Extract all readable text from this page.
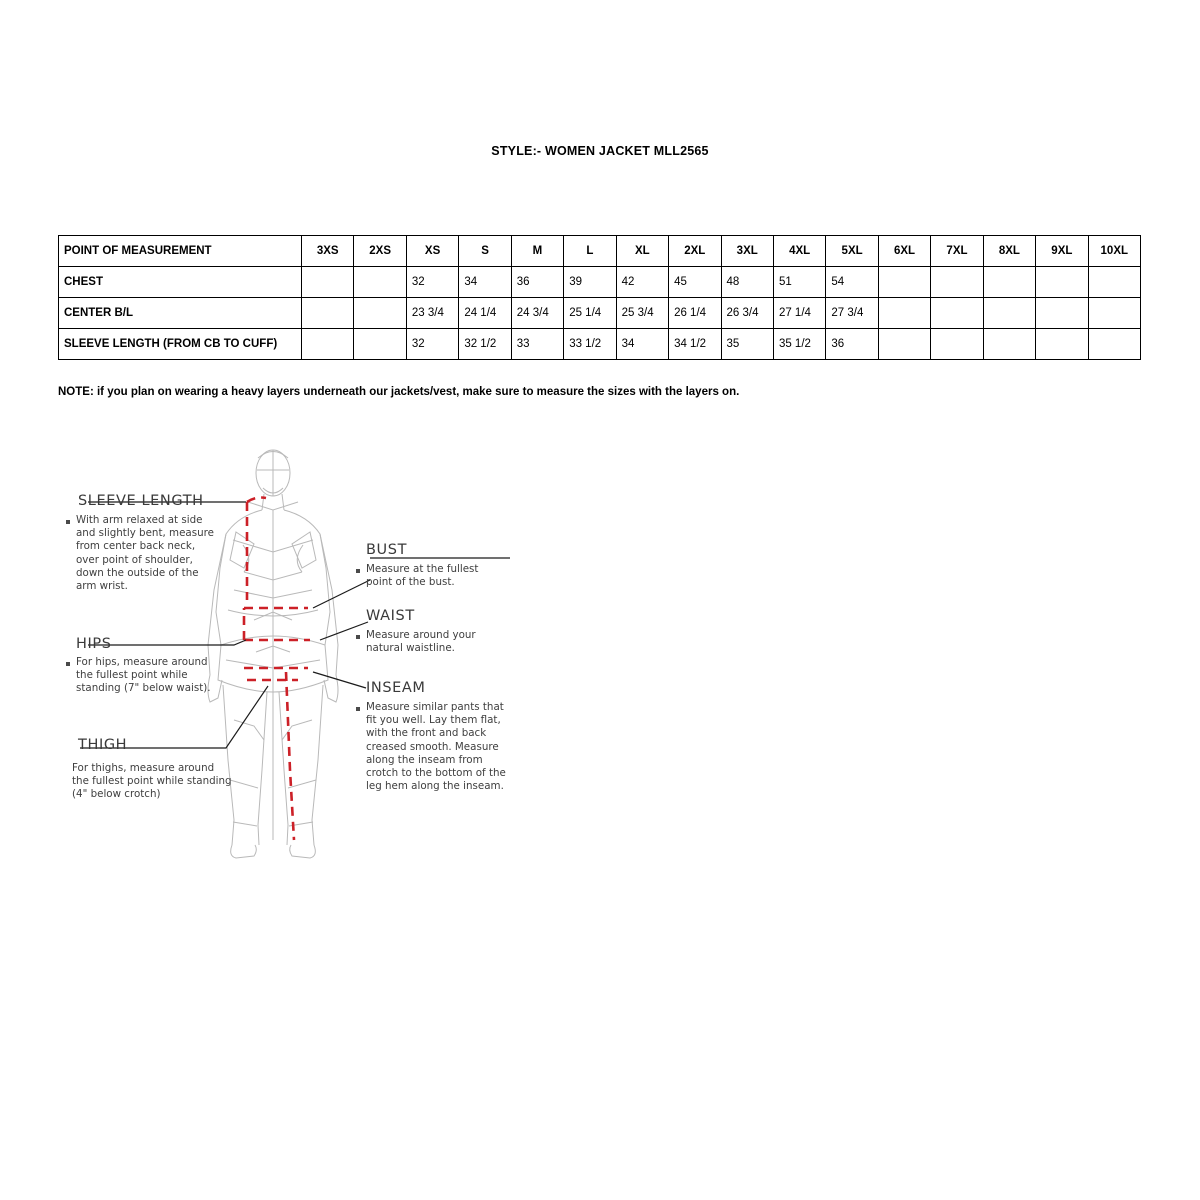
STYLE:- WOMEN JACKET MLL2565
POINT OF MEASUREMENT	3XS	2XS	XS	S	M	L	XL	2XL	3XL	4XL	5XL	6XL	7XL	8XL	9XL	10XL
CHEST			32	34	36	39	42	45	48	51	54					
CENTER B/L			23 3/4	24 1/4	24 3/4	25 1/4	25 3/4	26 1/4	26 3/4	27 1/4	27 3/4					
SLEEVE LENGTH (FROM CB TO CUFF)			32	32 1/2	33	33 1/2	34	34 1/2	35	35 1/2	36					
NOTE: if you plan on wearing a heavy layers underneath our jackets/vest, make sure to measure the sizes with the layers on.
SLEEVE LENGTH
With arm relaxed at side and slightly bent, measure from center back neck, over point of shoulder, down the outside of the arm wrist.
HIPS
For hips, measure around the fullest point while standing (7" below waist).
THIGH
For thighs, measure around the fullest point while standing (4" below crotch)
BUST
Measure at the fullest point of the bust.
WAIST
Measure around your natural waistline.
INSEAM
Measure similar pants that fit you well. Lay them flat, with the front and back creased smooth. Measure along the inseam from crotch to the bottom of the leg hem along the inseam.
